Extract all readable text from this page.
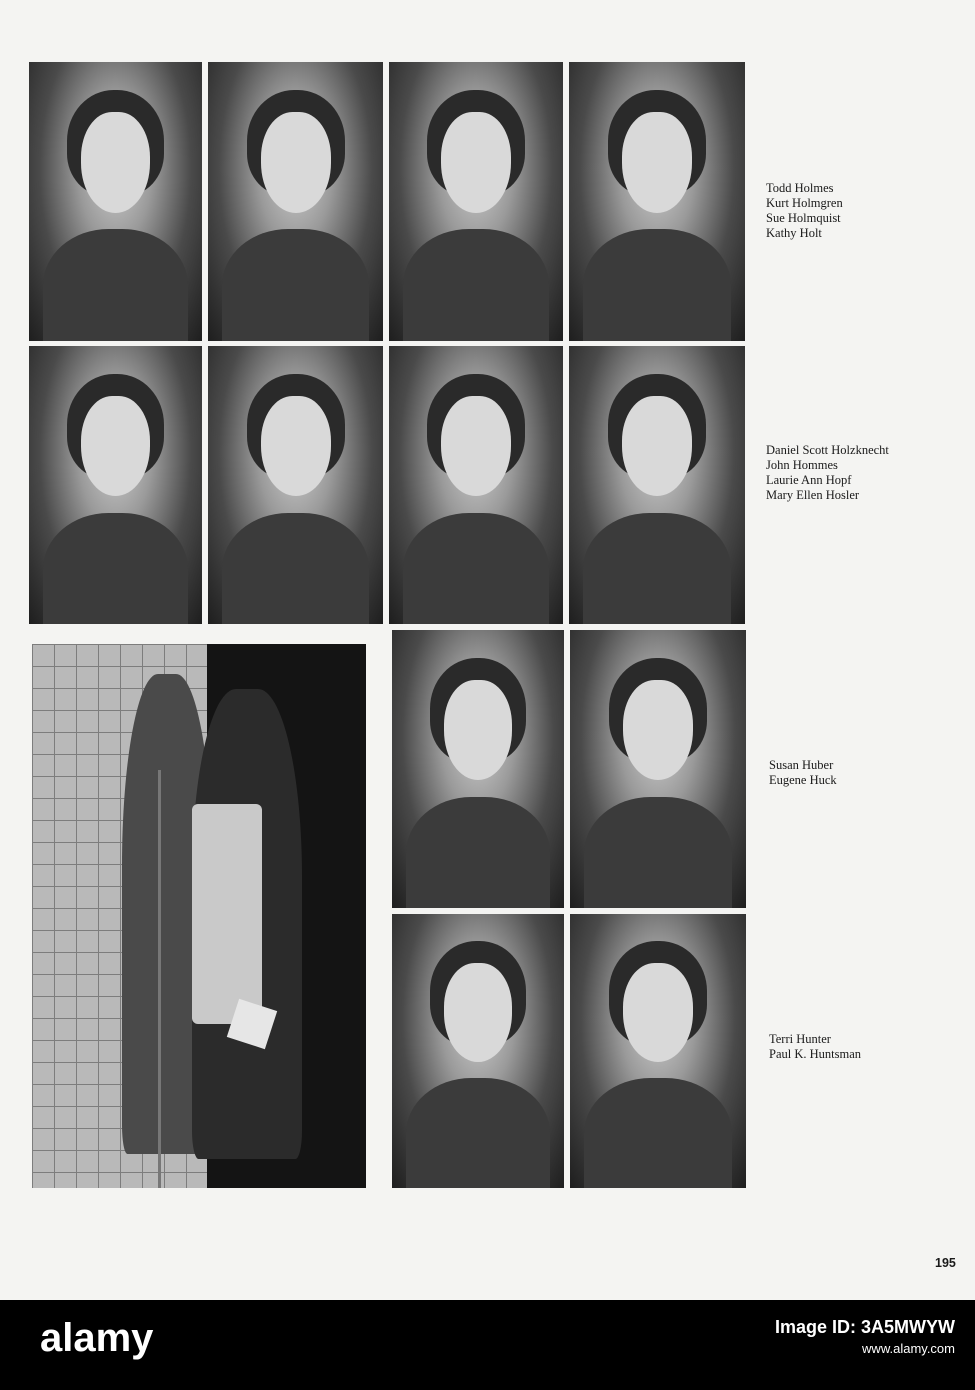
Todd Holmes
Kurt Holmgren
Sue Holmquist
Kathy Holt
Daniel Scott Holzknecht
John Hommes
Laurie Ann Hopf
Mary Ellen Hosler
Susan Huber
Eugene Huck
Terri Hunter
Paul K. Huntsman
195
alamy	Image ID: 3A5MWYW
www.alamy.com
